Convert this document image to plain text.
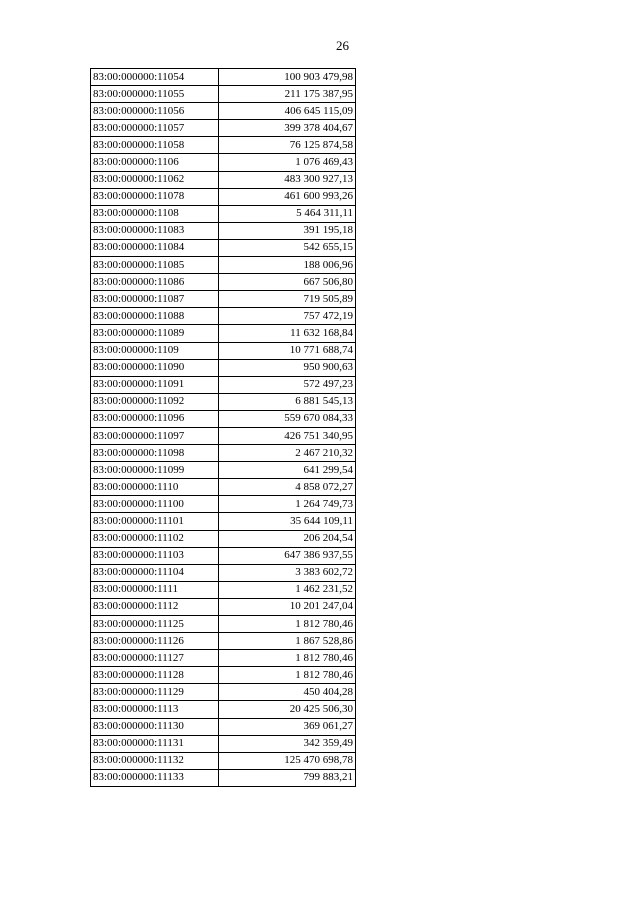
26
83:00:000000:11054	100 903 479,98
83:00:000000:11055	211 175 387,95
83:00:000000:11056	406 645 115,09
83:00:000000:11057	399 378 404,67
83:00:000000:11058	76 125 874,58
83:00:000000:1106	1 076 469,43
83:00:000000:11062	483 300 927,13
83:00:000000:11078	461 600 993,26
83:00:000000:1108	5 464 311,11
83:00:000000:11083	391 195,18
83:00:000000:11084	542 655,15
83:00:000000:11085	188 006,96
83:00:000000:11086	667 506,80
83:00:000000:11087	719 505,89
83:00:000000:11088	757 472,19
83:00:000000:11089	11 632 168,84
83:00:000000:1109	10 771 688,74
83:00:000000:11090	950 900,63
83:00:000000:11091	572 497,23
83:00:000000:11092	6 881 545,13
83:00:000000:11096	559 670 084,33
83:00:000000:11097	426 751 340,95
83:00:000000:11098	2 467 210,32
83:00:000000:11099	641 299,54
83:00:000000:1110	4 858 072,27
83:00:000000:11100	1 264 749,73
83:00:000000:11101	35 644 109,11
83:00:000000:11102	206 204,54
83:00:000000:11103	647 386 937,55
83:00:000000:11104	3 383 602,72
83:00:000000:1111	1 462 231,52
83:00:000000:1112	10 201 247,04
83:00:000000:11125	1 812 780,46
83:00:000000:11126	1 867 528,86
83:00:000000:11127	1 812 780,46
83:00:000000:11128	1 812 780,46
83:00:000000:11129	450 404,28
83:00:000000:1113	20 425 506,30
83:00:000000:11130	369 061,27
83:00:000000:11131	342 359,49
83:00:000000:11132	125 470 698,78
83:00:000000:11133	799 883,21
